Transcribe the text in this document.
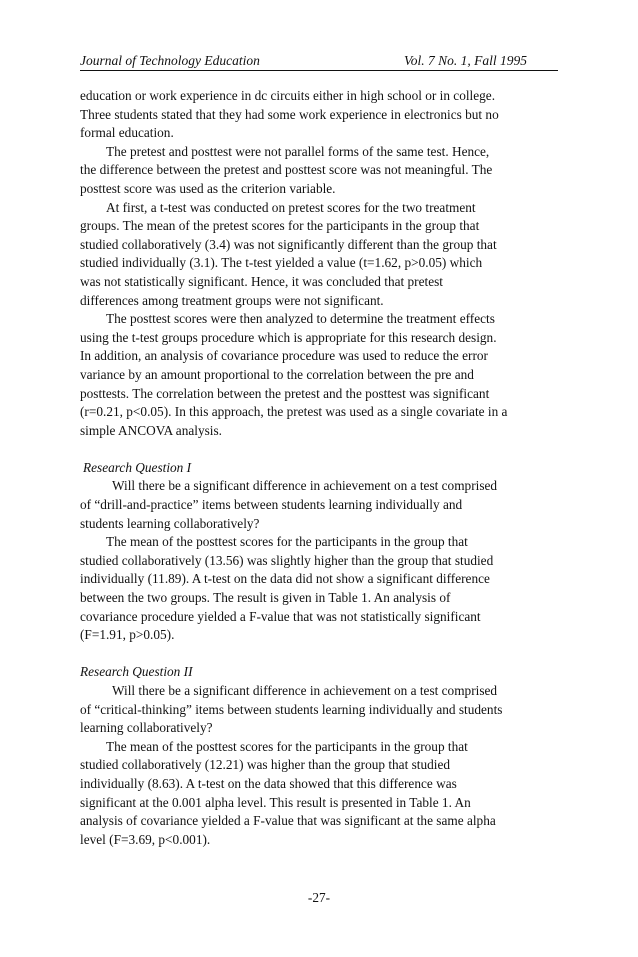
Journal of Technology Education	Vol. 7 No. 1, Fall 1995
education or work experience in dc circuits either in high school or in college.
Three students stated that they had some work experience in electronics but no
formal education.
The pretest and posttest were not parallel forms of the same test. Hence,
the difference between the pretest and posttest score was not meaningful. The
posttest score was used as the criterion variable.
At first, a t-test was conducted on pretest scores for the two treatment
groups. The mean of the pretest scores for the participants in the group that
studied collaboratively (3.4) was not significantly different than the group that
studied individually (3.1). The t-test yielded a value (t=1.62, p>0.05) which
was not statistically significant. Hence, it was concluded that pretest
differences among treatment groups were not significant.
The posttest scores were then analyzed to determine the treatment effects
using the t-test groups procedure which is appropriate for this research design.
In addition, an analysis of covariance procedure was used to reduce the error
variance by an amount proportional to the correlation between the pre and
posttests. The correlation between the pretest and the posttest was significant
(r=0.21, p<0.05). In this approach, the pretest was used as a single covariate in a
simple ANCOVA analysis.
Research Question I
Will there be a significant difference in achievement on a test comprised
of “drill-and-practice” items between students learning individually and
students learning collaboratively?
The mean of the posttest scores for the participants in the group that
studied collaboratively (13.56) was slightly higher than the group that studied
individually (11.89). A t-test on the data did not show a significant difference
between the two groups. The result is given in Table 1. An analysis of
covariance procedure yielded a F-value that was not statistically significant
(F=1.91, p>0.05).
Research Question II
Will there be a significant difference in achievement on a test comprised
of “critical-thinking” items between students learning individually and students
learning collaboratively?
The mean of the posttest scores for the participants in the group that
studied collaboratively (12.21) was higher than the group that studied
individually (8.63). A t-test on the data showed that this difference was
significant at the 0.001 alpha level. This result is presented in Table 1. An
analysis of covariance yielded a F-value that was significant at the same alpha
level (F=3.69, p<0.001).
-27-
